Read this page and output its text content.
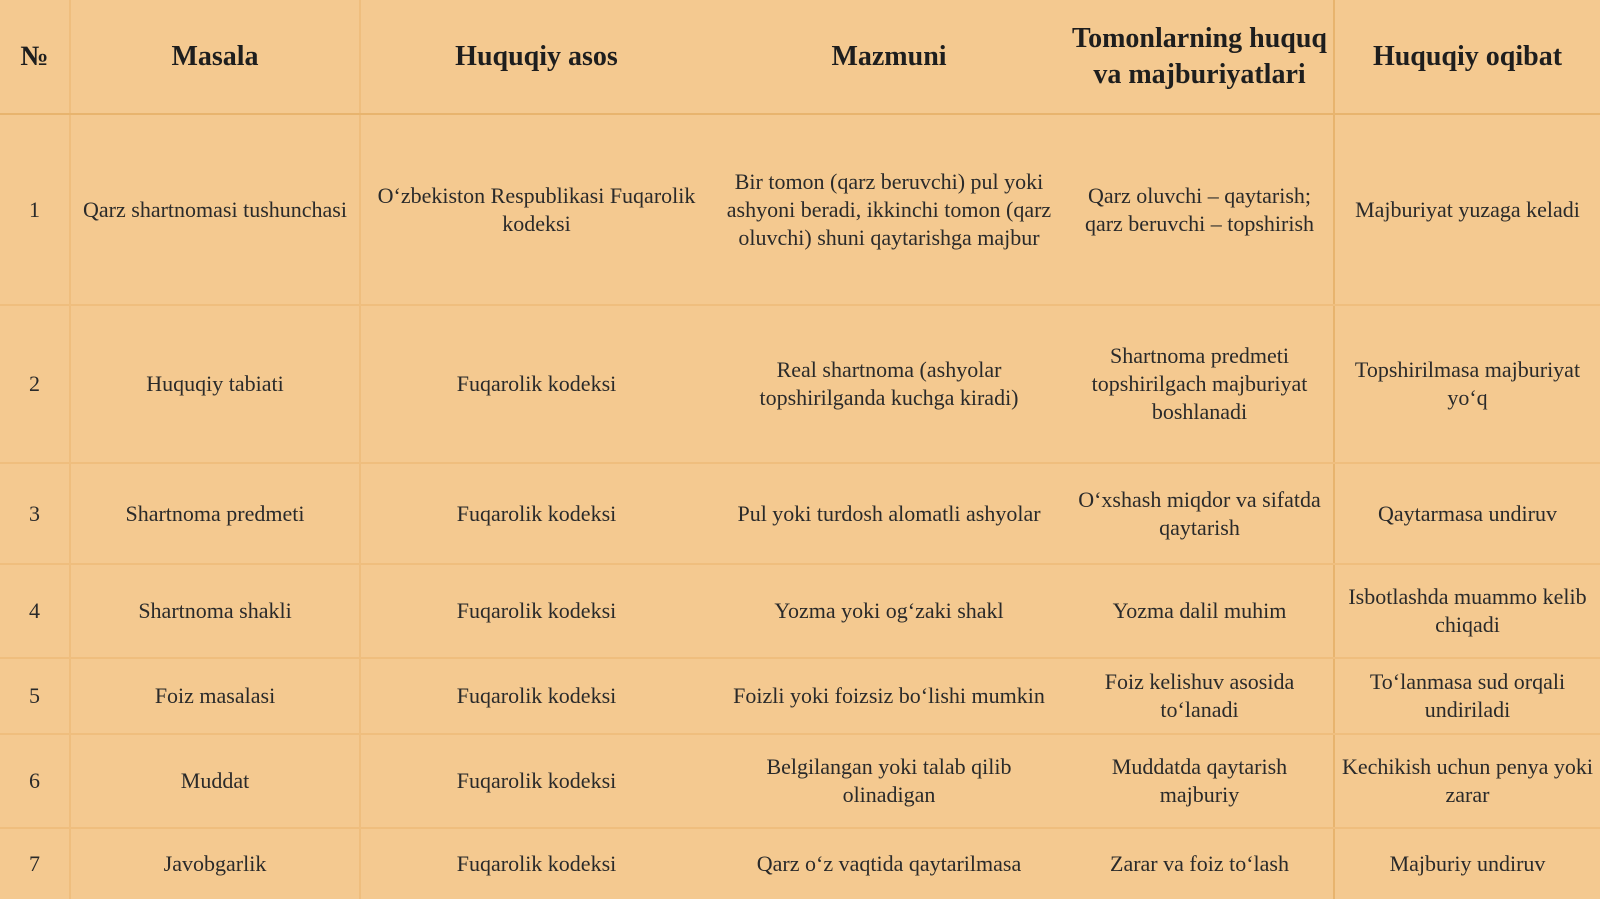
№	Masala	Huquqiy asos	Mazmuni	Tomonlarning huquq va majburiyatlari	Huquqiy oqibat
1	Qarz shartnomasi tushunchasi	O‘zbekiston Respublikasi Fuqarolik kodeksi	Bir tomon (qarz beruvchi) pul yoki ashyoni beradi, ikkinchi tomon (qarz oluvchi) shuni qaytarishga majbur	Qarz oluvchi – qaytarish; qarz beruvchi – topshirish	Majburiyat yuzaga keladi
2	Huquqiy tabiati	Fuqarolik kodeksi	Real shartnoma (ashyolar topshirilganda kuchga kiradi)	Shartnoma predmeti topshirilgach majburiyat boshlanadi	Topshirilmasa majburiyat yo‘q
3	Shartnoma predmeti	Fuqarolik kodeksi	Pul yoki turdosh alomatli ashyolar	O‘xshash miqdor va sifatda qaytarish	Qaytarmasa undiruv
4	Shartnoma shakli	Fuqarolik kodeksi	Yozma yoki og‘zaki shakl	Yozma dalil muhim	Isbotlashda muammo kelib chiqadi
5	Foiz masalasi	Fuqarolik kodeksi	Foizli yoki foizsiz bo‘lishi mumkin	Foiz kelishuv asosida to‘lanadi	To‘lanmasa sud orqali undiriladi
6	Muddat	Fuqarolik kodeksi	Belgilangan yoki talab qilib olinadigan	Muddatda qaytarish majburiy	Kechikish uchun penya yoki zarar
7	Javobgarlik	Fuqarolik kodeksi	Qarz o‘z vaqtida qaytarilmasa	Zarar va foiz to‘lash	Majburiy undiruv
